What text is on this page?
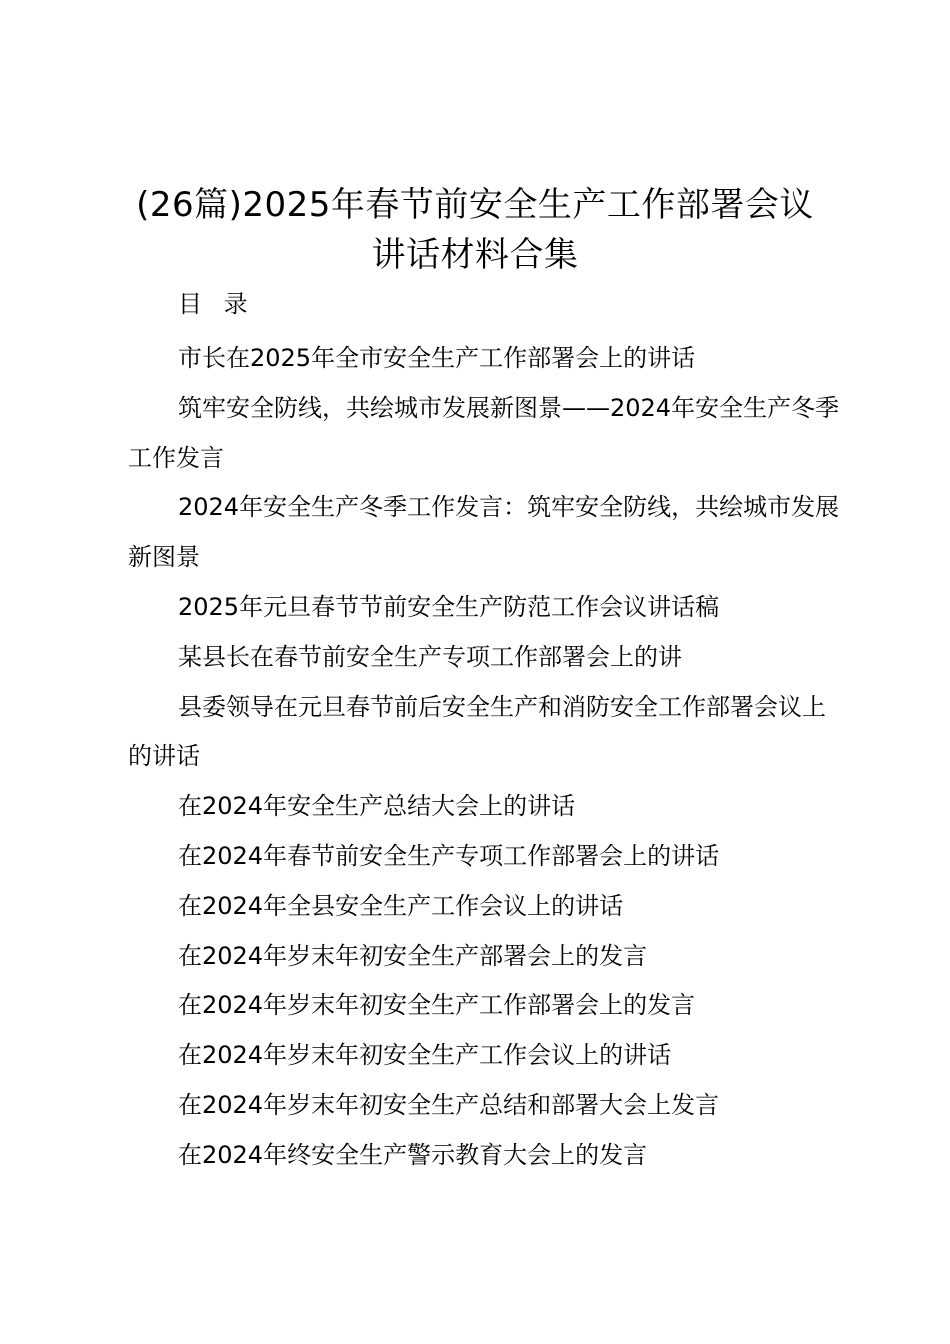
(26篇)2025年春节前安全生产工作部署会议
讲话材料合集
目 录

市长在2025年全市安全生产工作部署会上的讲话

筑牢安全防线，共绘城市发展新图景——2024年安全生产冬季工作发言

2024年安全生产冬季工作发言：筑牢安全防线，共绘城市发展新图景

2025年元旦春节节前安全生产防范工作会议讲话稿

某县长在春节前安全生产专项工作部署会上的讲

县委领导在元旦春节前后安全生产和消防安全工作部署会议上的讲话

在2024年安全生产总结大会上的讲话

在2024年春节前安全生产专项工作部署会上的讲话

在2024年全县安全生产工作会议上的讲话

在2024年岁末年初安全生产部署会上的发言

在2024年岁末年初安全生产工作部署会上的发言

在2024年岁末年初安全生产工作会议上的讲话

在2024年岁末年初安全生产总结和部署大会上发言

在2024年终安全生产警示教育大会上的发言
